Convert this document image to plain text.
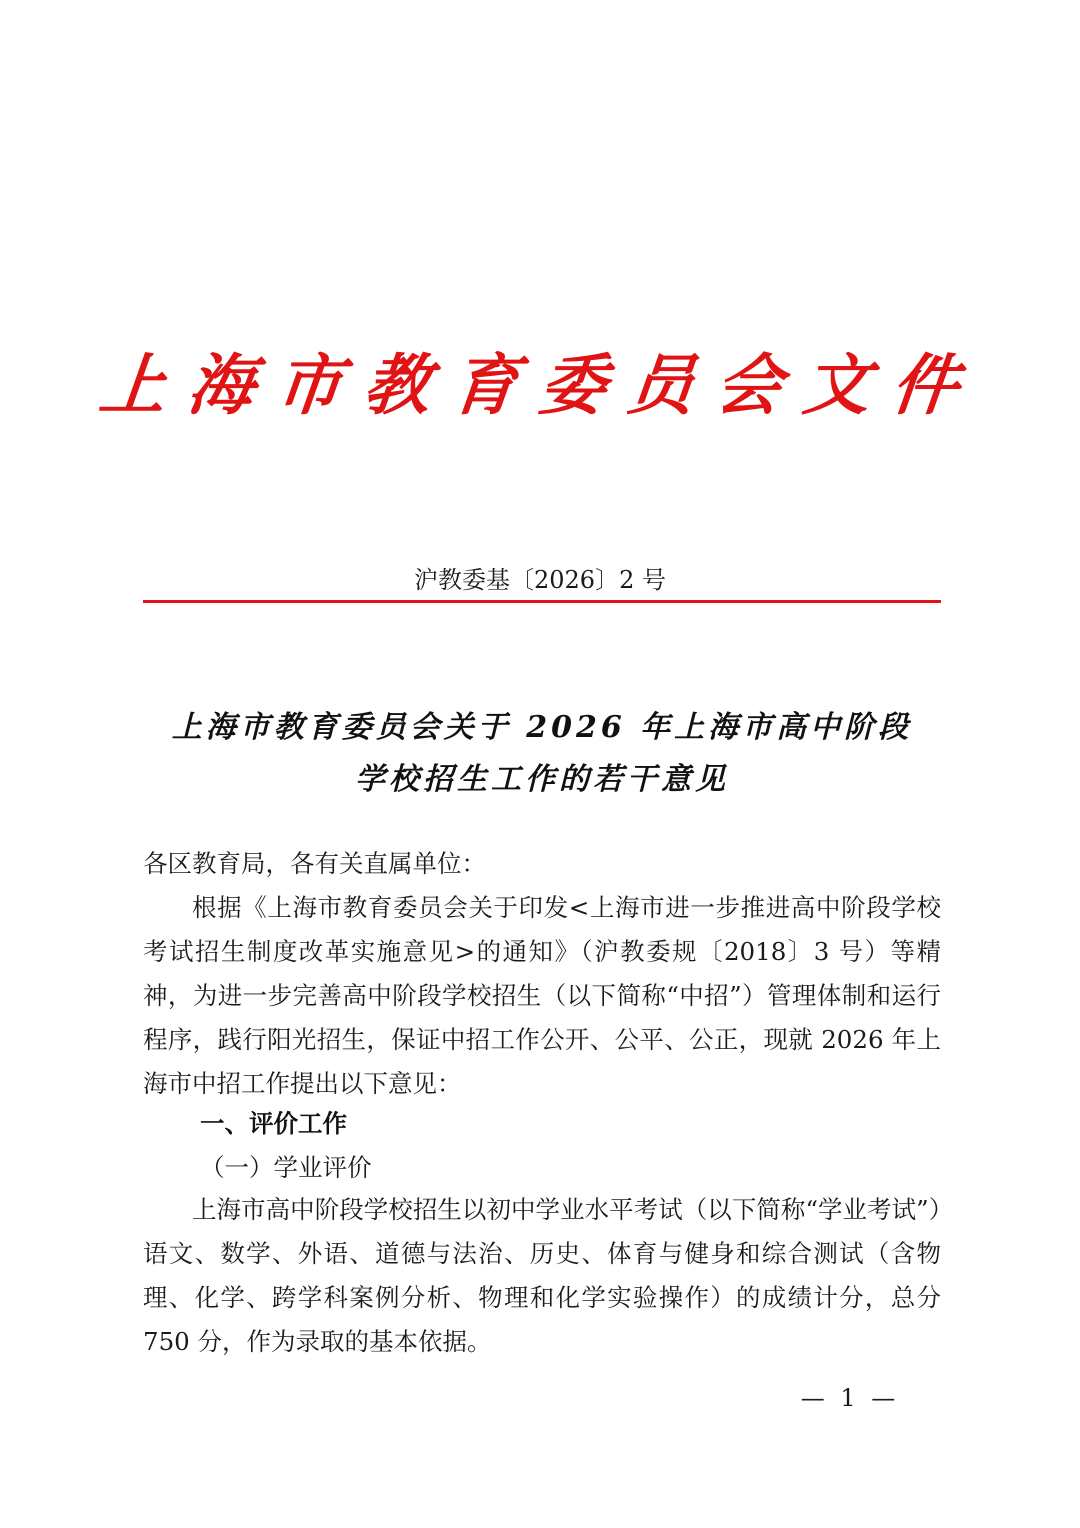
上海市教育委员会文件
沪教委基〔2026〕2 号
上海市教育委员会关于 2026 年上海市高中阶段
学校招生工作的若干意见
各区教育局，各有关直属单位：

根据《上海市教育委员会关于印发<上海市进一步推进高中阶段学校考试招生制度改革实施意见>的通知》（沪教委规〔2018〕3 号）等精神，为进一步完善高中阶段学校招生（以下简称“中招”）管理体制和运行程序，践行阳光招生，保证中招工作公开、公平、公正，现就 2026 年上海市中招工作提出以下意见：

一、评价工作
（一）学业评价

上海市高中阶段学校招生以初中学业水平考试（以下简称“学业考试”）语文、数学、外语、道德与法治、历史、体育与健身和综合测试（含物理、化学、跨学科案例分析、物理和化学实验操作）的成绩计分，总分 750 分，作为录取的基本依据。

— 1 —
